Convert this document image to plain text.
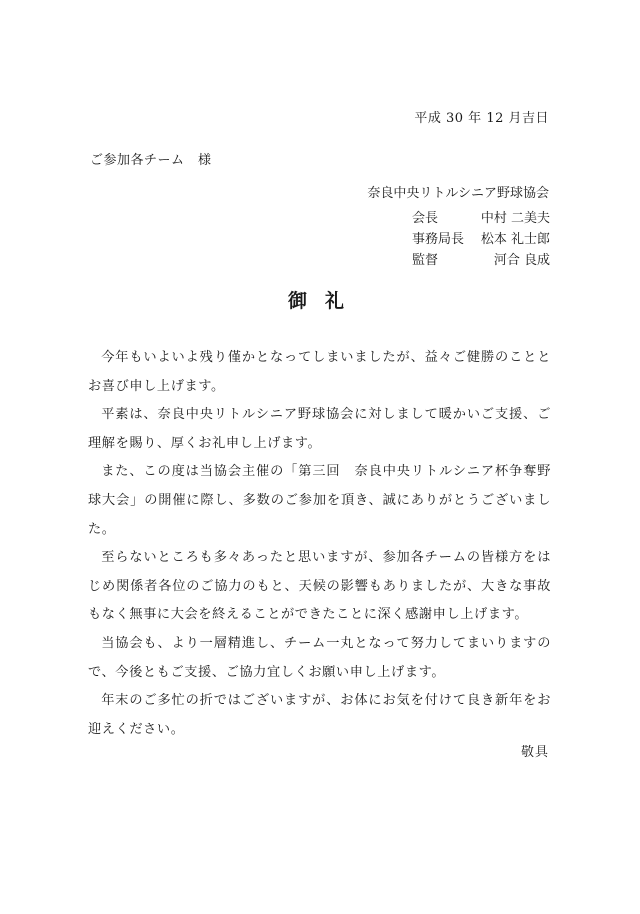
平成 30 年 12 月吉日
ご参加各チーム　様
奈良中央リトルシニア野球協会
会長	中村 二美夫
事務局長 松本 礼士郎
監督	河合 良成
御礼

今年もいよいよ残り僅かとなってしまいましたが、益々ご健勝のこととお喜び申し上げます。

平素は、奈良中央リトルシニア野球協会に対しまして暖かいご支援、ご理解を賜り、厚くお礼申し上げます。

また、この度は当協会主催の「第三回　奈良中央リトルシニア杯争奪野球大会」の開催に際し、多数のご参加を頂き、誠にありがとうございました。

至らないところも多々あったと思いますが、参加各チームの皆様方をはじめ関係者各位のご協力のもと、天候の影響もありましたが、大きな事故もなく無事に大会を終えることができたことに深く感謝申し上げます。

当協会も、より一層精進し、チーム一丸となって努力してまいりますので、今後ともご支援、ご協力宜しくお願い申し上げます。

年末のご多忙の折ではございますが、お体にお気を付けて良き新年をお迎えください。

敬具
